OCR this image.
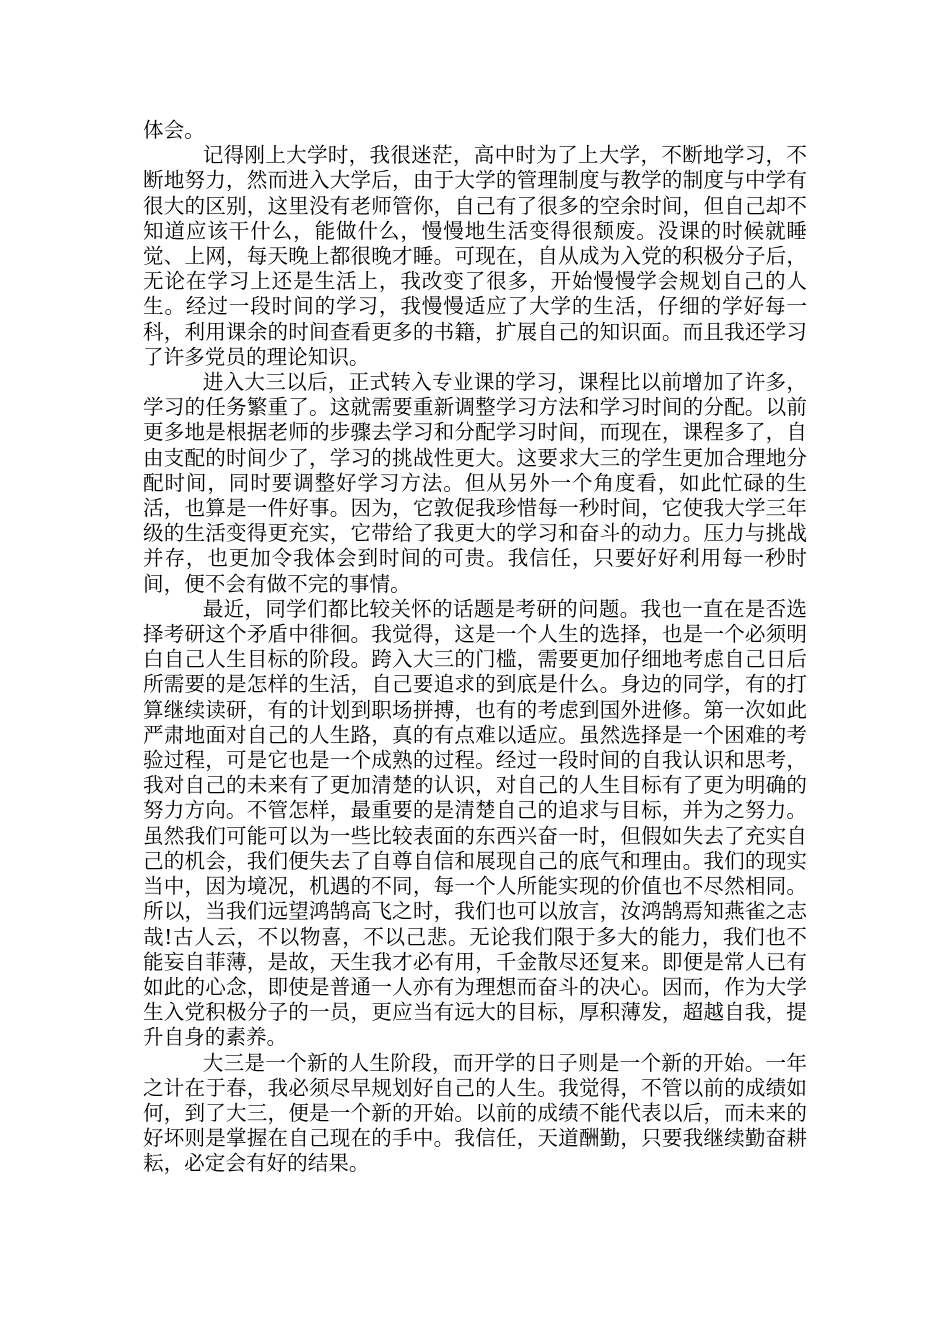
体会。

记得刚上大学时，我很迷茫，高中时为了上大学，不断地学习，不断地努力，然而进入大学后，由于大学的管理制度与教学的制度与中学有很大的区别，这里没有老师管你，自己有了很多的空余时间，但自己却不知道应该干什么，能做什么，慢慢地生活变得很颓废。没课的时候就睡觉、上网，每天晚上都很晚才睡。可现在，自从成为入党的积极分子后，无论在学习上还是生活上，我改变了很多，开始慢慢学会规划自己的人生。经过一段时间的学习，我慢慢适应了大学的生活，仔细的学好每一科，利用课余的时间查看更多的书籍，扩展自己的知识面。而且我还学习了许多党员的理论知识。

进入大三以后，正式转入专业课的学习，课程比以前增加了许多，学习的任务繁重了。这就需要重新调整学习方法和学习时间的分配。以前更多地是根据老师的步骤去学习和分配学习时间，而现在，课程多了，自由支配的时间少了，学习的挑战性更大。这要求大三的学生更加合理地分配时间，同时要调整好学习方法。但从另外一个角度看，如此忙碌的生活，也算是一件好事。因为，它敦促我珍惜每一秒时间，它使我大学三年级的生活变得更充实，它带给了我更大的学习和奋斗的动力。压力与挑战并存，也更加令我体会到时间的可贵。我信任，只要好好利用每一秒时间，便不会有做不完的事情。

最近，同学们都比较关怀的话题是考研的问题。我也一直在是否选择考研这个矛盾中徘徊。我觉得，这是一个人生的选择，也是一个必须明白自己人生目标的阶段。跨入大三的门槛，需要更加仔细地考虑自己日后所需要的是怎样的生活，自己要追求的到底是什么。身边的同学，有的打算继续读研，有的计划到职场拼搏，也有的考虑到国外进修。第一次如此严肃地面对自己的人生路，真的有点难以适应。虽然选择是一个困难的考验过程，可是它也是一个成熟的过程。经过一段时间的自我认识和思考，我对自己的未来有了更加清楚的认识，对自己的人生目标有了更为明确的努力方向。不管怎样，最重要的是清楚自己的追求与目标，并为之努力。虽然我们可能可以为一些比较表面的东西兴奋一时，但假如失去了充实自己的机会，我们便失去了自尊自信和展现自己的底气和理由。我们的现实当中，因为境况，机遇的不同，每一个人所能实现的价值也不尽然相同。所以，当我们远望鸿鹄高飞之时，我们也可以放言，汝鸿鹄焉知燕雀之志哉!古人云，不以物喜，不以己悲。无论我们限于多大的能力，我们也不能妄自菲薄，是故，天生我才必有用，千金散尽还复来。即便是常人已有如此的心念，即使是普通一人亦有为理想而奋斗的决心。因而，作为大学生入党积极分子的一员，更应当有远大的目标，厚积薄发，超越自我，提升自身的素养。

大三是一个新的人生阶段，而开学的日子则是一个新的开始。一年之计在于春，我必须尽早规划好自己的人生。我觉得，不管以前的成绩如何，到了大三，便是一个新的开始。以前的成绩不能代表以后，而未来的好坏则是掌握在自己现在的手中。我信任，天道酬勤，只要我继续勤奋耕耘，必定会有好的结果。
